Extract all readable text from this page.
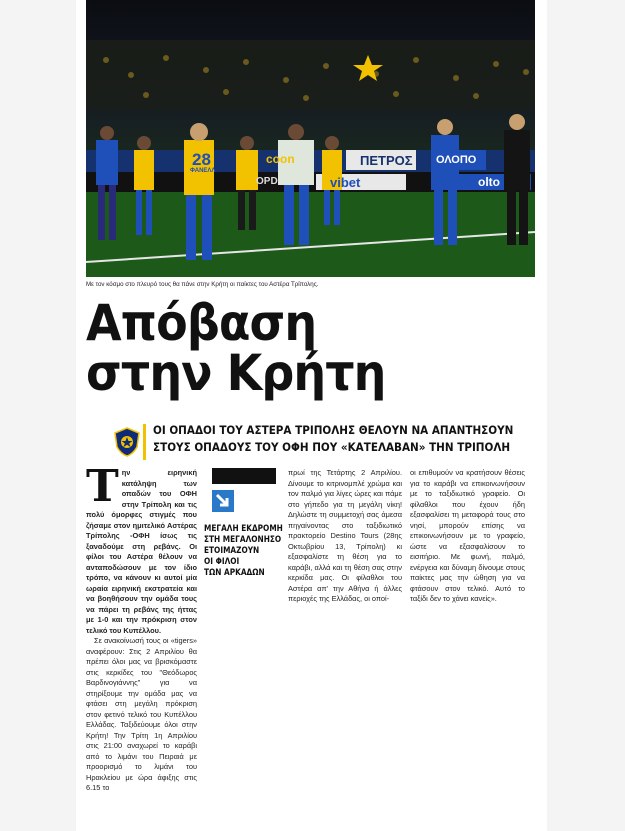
ΠΕΤΡΟΣ ΟΛΟΠΟ
coon
OPD	vibet	olto
28
ΦΑΝΕΛΛ
Με τον κόσμο στο πλευρό τους θα πάνε στην Κρήτη οι παίκτες του Αστέρα Τρίπολης.
Απόβαση
στην Κρήτη
ΟΙ ΟΠΑΔΟΙ ΤΟΥ ΑΣΤΕΡΑ ΤΡΙΠΟΛΗΣ ΘΕΛΟΥΝ ΝΑ ΑΠΑΝΤΗΣΟΥΝ
ΣΤΟΥΣ ΟΠΑΔΟΥΣ ΤΟΥ ΟΦΗ ΠΟΥ «ΚΑΤΕΛΑΒΑΝ» ΤΗΝ ΤΡΙΠΟΛΗ

Την ειρηνική κατάληψη των οπαδών του ΟΦΗ στην Τρίπολη και τις πολύ όμορφες στιγμές που ζήσαμε στον ημιτελικό Αστέρας Τρίπολης -ΟΦΗ ίσως τις ξαναδούμε στη ρεβάνς. Οι φίλοι του Αστέρα θέλουν να ανταποδώσουν με τον ίδιο τρόπο, να κάνουν κι αυτοί μία ωραία ειρηνική εκστρατεία και να βοηθήσουν την ομάδα τους να πάρει τη ρεβάνς της ήττας με 1-0 και την πρόκριση στον τελικό του Κυπέλλου.

Σε ανακοίνωσή τους οι «tigers» αναφέρουν: Στις 2 Απριλίου θα πρέπει όλοι μας να βρισκόμαστε στις κερκίδες του "Θεόδωρος Βαρδινογιάννης" για να στηρίξουμε την ομάδα μας να φτάσει στη μεγάλη πρόκριση στον φετινό τελικό του Κυπέλλου Ελλάδας. Ταξιδεύουμε όλοι στην Κρήτη! Την Τρίτη 1η Απριλίου στις 21:00 αναχωρεί το καράβι από το λιμάνι του Πειραιά με προορισμό το λιμάνι του Ηρακλείου με ώρα άφιξης στις 6.15 το

ΜΕΓΑΛΗ ΕΚΔΡΟΜΗ
ΣΤΗ ΜΕΓΑΛΟΝΗΣΟ
ΕΤΟΙΜΑΖΟΥΝ
ΟΙ ΦΙΛΟΙ
ΤΩΝ ΑΡΚΑΔΩΝ

πρωί της Τετάρτης 2 Απριλίου. Δίνουμε το κιτρινομπλέ χρώμα και τον παλμό για λίγες ώρες και πάμε στο γήπεδο για τη μεγάλη νίκη! Δηλώστε τη συμμετοχή σας άμεσα πηγαίνοντας στο ταξιδιωτικό πρακτορείο Destino Tours (28ης Οκτωβρίου 13, Τρίπολη) κι εξασφαλίστε τη θέση για το καράβι, αλλά και τη θέση σας στην κερκίδα μας. Οι φίλαθλοι του Αστέρα απ' την Αθήνα ή άλλες περιοχές της Ελλάδας, οι οποί-

οι επιθυμούν να κρατήσουν θέσεις για το καράβι να επικοινωνήσουν με το ταξιδιωτικό γραφείο. Οι φίλαθλοι που έχουν ήδη εξασφαλίσει τη μεταφορά τους στο νησί, μπορούν επίσης να επικοινωνήσουν με το γραφείο, ώστε να εξασφαλίσουν το εισιτήριο. Με φωνή, παλμό, ενέργεια και δύναμη δίνουμε στους παίκτες μας την ώθηση για να φτάσουν στον τελικό. Αυτό το ταξίδι δεν το χάνει κανείς».
